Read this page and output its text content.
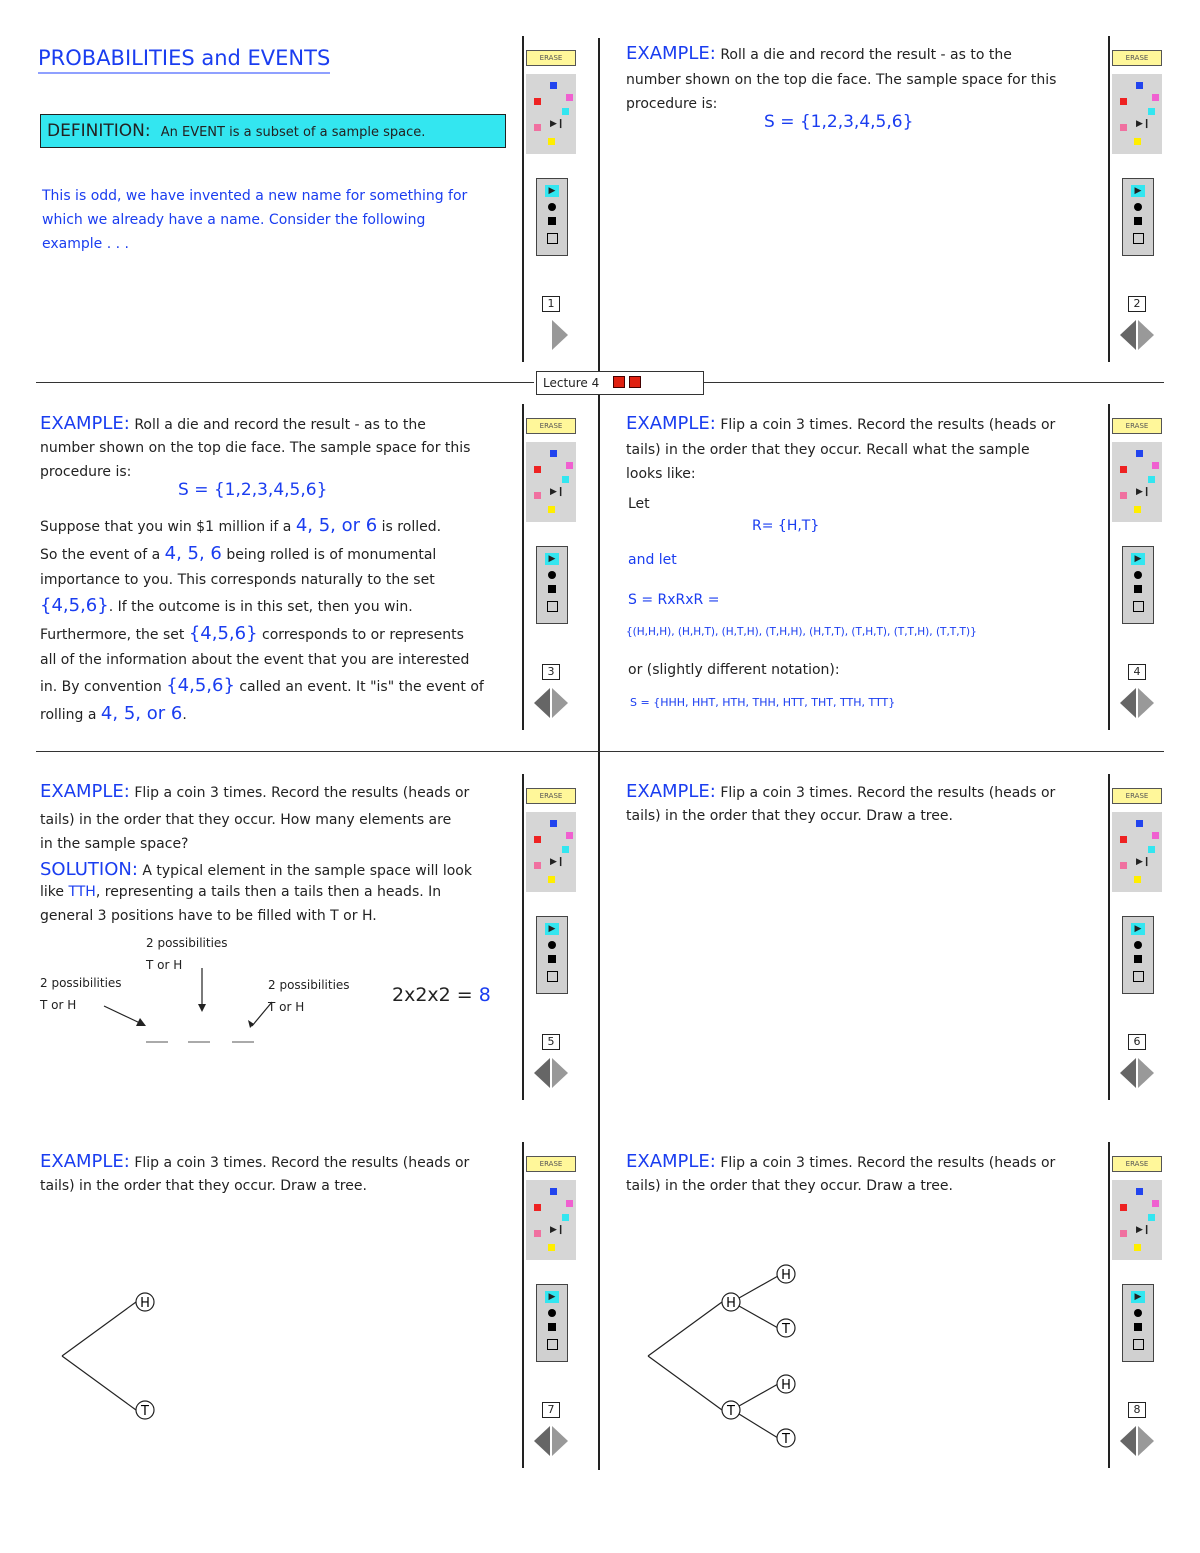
Lecture 4
ERASE
▶❙
▶
1
ERASE
▶❙
▶
2
ERASE
▶❙
▶
3
ERASE
▶❙
▶
4
ERASE
▶❙
▶
5
ERASE
▶❙
▶
6
ERASE
▶❙
▶
7
ERASE
▶❙
▶
8
PROBABILITIES and EVENTS
DEFINITION: An EVENT is a subset of a sample space.
This is odd, we have invented a new name for something for
which we already have a name. Consider the following
example . . .
EXAMPLE: Roll a die and record the result - as to the
number shown on the top die face. The sample space for this
procedure is:
S = {1,2,3,4,5,6}
EXAMPLE: Roll a die and record the result - as to the
number shown on the top die face. The sample space for this
procedure is:
S = {1,2,3,4,5,6}
Suppose that you win $1 million if a 4, 5, or 6 is rolled.
So the event of a 4, 5, 6 being rolled is of monumental
importance to you. This corresponds naturally to the set
{4,5,6}. If the outcome is in this set, then you win.
Furthermore, the set {4,5,6} corresponds to or represents
all of the information about the event that you are interested
in. By convention {4,5,6} called an event. It "is" the event of
rolling a 4, 5, or 6.
EXAMPLE: Flip a coin 3 times. Record the results (heads or
tails) in the order that they occur. Recall what the sample
looks like:
Let
R= {H,T}
and let
S = RxRxR =
{(H,H,H), (H,H,T), (H,T,H), (T,H,H), (H,T,T), (T,H,T), (T,T,H), (T,T,T)}
or (slightly different notation):
S = {HHH, HHT, HTH, THH, HTT, THT, TTH, TTT}
EXAMPLE: Flip a coin 3 times. Record the results (heads or
tails) in the order that they occur. How many elements are
in the sample space?
SOLUTION: A typical element in the sample space will look
like TTH, representing a tails then a tails then a heads. In
general 3 positions have to be filled with T or H.
2 possibilities
T or H
2 possibilities
T or H
2 possibilities
T or H
2x2x2 = 8
EXAMPLE: Flip a coin 3 times. Record the results (heads or
tails) in the order that they occur. Draw a tree.
EXAMPLE: Flip a coin 3 times. Record the results (heads or
tails) in the order that they occur. Draw a tree.
H
T
EXAMPLE: Flip a coin 3 times. Record the results (heads or
tails) in the order that they occur. Draw a tree.
H
T
H
T
H
T
